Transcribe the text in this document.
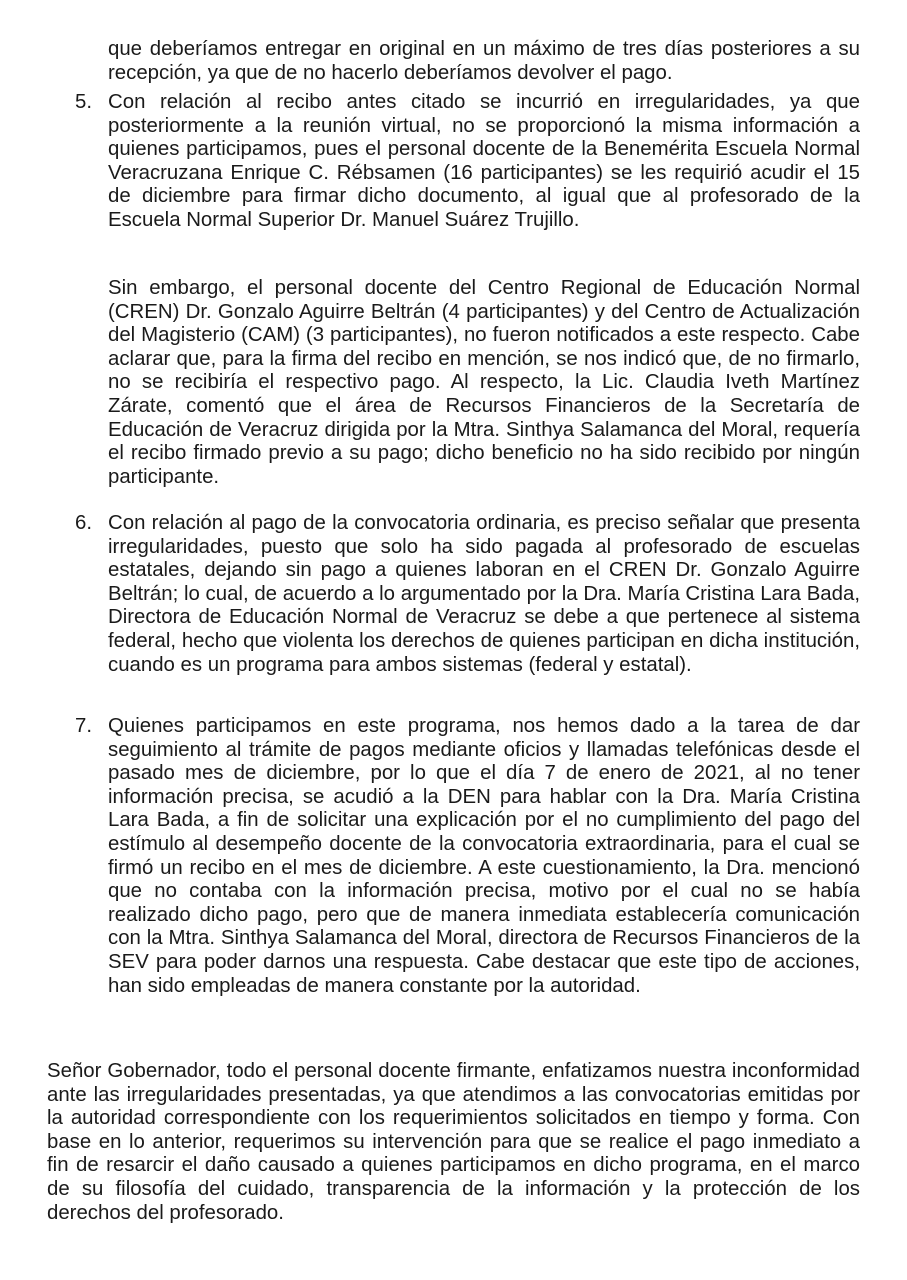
que deberíamos entregar en original en un máximo de tres días posteriores a su recepción, ya que de no hacerlo deberíamos devolver el pago.
5. Con relación al recibo antes citado se incurrió en irregularidades, ya que posteriormente a la reunión virtual, no se proporcionó la misma información a quienes participamos, pues el personal docente de la Benemérita Escuela Normal Veracruzana Enrique C. Rébsamen (16 participantes) se les requirió acudir el 15 de diciembre para firmar dicho documento, al igual que al profesorado de la Escuela Normal Superior Dr. Manuel Suárez Trujillo.
Sin embargo, el personal docente del Centro Regional de Educación Normal (CREN) Dr. Gonzalo Aguirre Beltrán (4 participantes) y del Centro de Actualización del Magisterio (CAM) (3 participantes), no fueron notificados a este respecto. Cabe aclarar que, para la firma del recibo en mención, se nos indicó que, de no firmarlo, no se recibiría el respectivo pago. Al respecto, la Lic. Claudia Iveth Martínez Zárate, comentó que el área de Recursos Financieros de la Secretaría de Educación de Veracruz dirigida por la Mtra. Sinthya Salamanca del Moral, requería el recibo firmado previo a su pago; dicho beneficio no ha sido recibido por ningún participante.
6. Con relación al pago de la convocatoria ordinaria, es preciso señalar que presenta irregularidades, puesto que solo ha sido pagada al profesorado de escuelas estatales, dejando sin pago a quienes laboran en el CREN Dr. Gonzalo Aguirre Beltrán; lo cual, de acuerdo a lo argumentado por la Dra. María Cristina Lara Bada, Directora de Educación Normal de Veracruz se debe a que pertenece al sistema federal, hecho que violenta los derechos de quienes participan en dicha institución, cuando es un programa para ambos sistemas (federal y estatal).
7. Quienes participamos en este programa, nos hemos dado a la tarea de dar seguimiento al trámite de pagos mediante oficios y llamadas telefónicas desde el pasado mes de diciembre, por lo que el día 7 de enero de 2021, al no tener información precisa, se acudió a la DEN para hablar con la Dra. María Cristina Lara Bada, a fin de solicitar una explicación por el no cumplimiento del pago del estímulo al desempeño docente de la convocatoria extraordinaria, para el cual se firmó un recibo en el mes de diciembre. A este cuestionamiento, la Dra. mencionó que no contaba con la información precisa, motivo por el cual no se había realizado dicho pago, pero que de manera inmediata establecería comunicación con la Mtra. Sinthya Salamanca del Moral, directora de Recursos Financieros de la SEV para poder darnos una respuesta. Cabe destacar que este tipo de acciones, han sido empleadas de manera constante por la autoridad.
Señor Gobernador, todo el personal docente firmante, enfatizamos nuestra inconformidad ante las irregularidades presentadas, ya que atendimos a las convocatorias emitidas por la autoridad correspondiente con los requerimientos solicitados en tiempo y forma. Con base en lo anterior, requerimos su intervención para que se realice el pago inmediato a fin de resarcir el daño causado a quienes participamos en dicho programa, en el marco de su filosofía del cuidado, transparencia de la información y la protección de los derechos del profesorado.
